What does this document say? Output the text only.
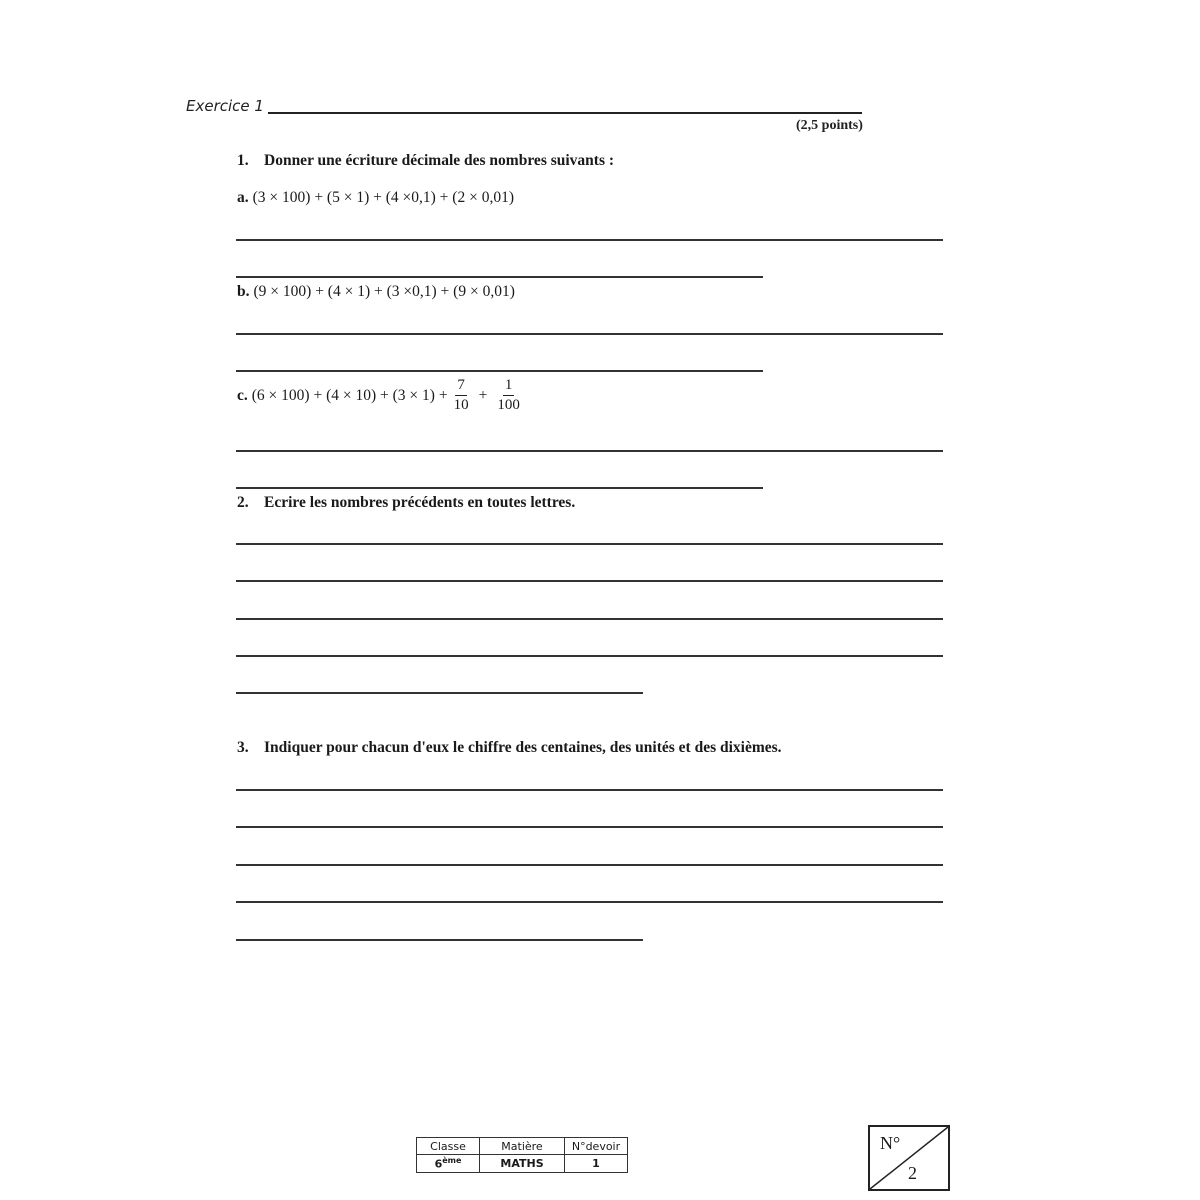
Exercice 1
(2,5 points)
1. Donner une écriture décimale des nombres suivants :
a. (3 × 100) + (5 × 1) + (4 ×0,1) + (2 × 0,01)
b. (9 × 100) + (4 × 1) + (3 ×0,1) + (9 × 0,01)
c. $(6 \times 100) + (4 \times 10) + (3 \times 1) + \frac{7}{10} + \frac{1}{100}$
2. Ecrire les nombres précédents en toutes lettres.
3. Indiquer pour chacun d'eux le chiffre des centaines, des unités et des dixièmes.
Classe	Matière	N°devoir
6ème	MATHS	1
N°
2
